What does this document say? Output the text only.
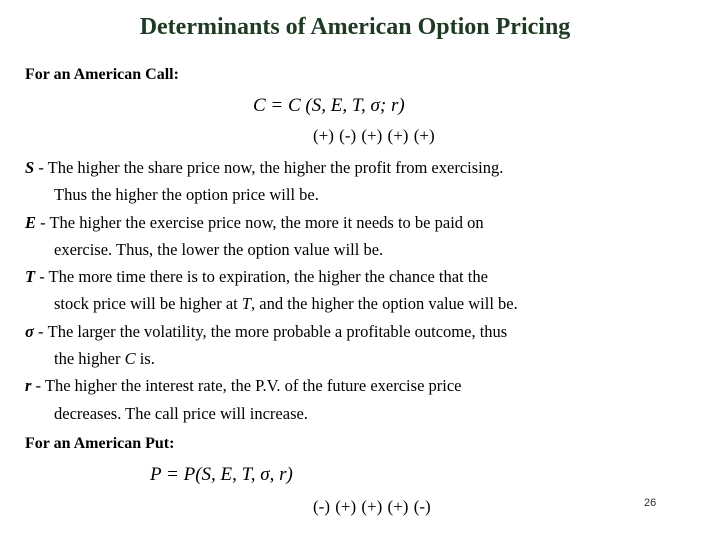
Determinants of American Option Pricing
For an American Call:
C = C (S, E, T, σ; r)
(+) (-) (+) (+) (+)
S - The higher the share price now, the higher the profit from exercising.
Thus the higher the option price will be.
E - The higher the exercise price now, the more it needs to be paid on
exercise. Thus, the lower the option value will be.
T - The more time there is to expiration, the higher the chance that the
stock price will be higher at T, and the higher the option value will be.
σ - The larger the volatility, the more probable a profitable outcome, thus
the higher C is.
r - The higher the interest rate, the P.V. of the future exercise price
decreases. The call price will increase.
For an American Put:
P = P(S, E, T, σ, r)
(-) (+) (+) (+) (-)	26
